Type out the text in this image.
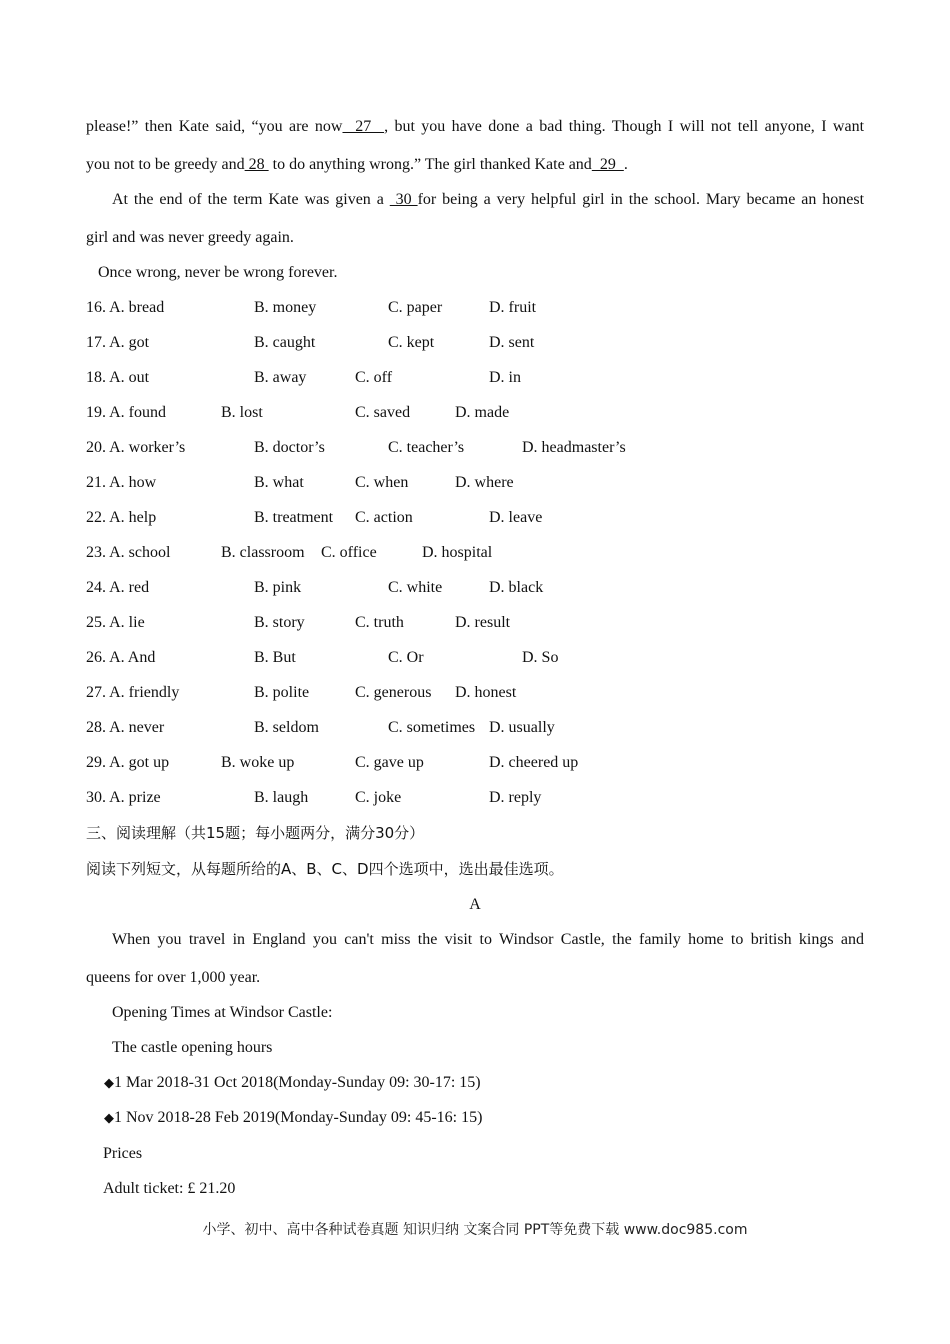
please!” then Kate said, “you are now  27  , but you have done a bad thing. Though I will not tell anyone, I want
you not to be greedy and 28  to do anything wrong.” The girl thanked Kate and  29  .
At the end of the term Kate was given a  30 for being a very helpful girl in the school. Mary became an honest
girl and was never greedy again.
Once wrong, never be wrong forever.
16. A. bread	B. money	C. paper	D. fruit
17. A. got	B. caught	C. kept	D. sent
18. A. out	B. away	C. off	D. in
19. A. found	B. lost	C. saved	D. made
20. A. worker’s	B. doctor’s	C. teacher’s	D. headmaster’s
21. A. how	B. what	C. when	D. where
22. A. help	B. treatment C. action	D. leave
23. A. school	B. classroom C. office	D. hospital
24. A. red	B. pink	C. white	D. black
25. A. lie	B. story	C. truth	D. result
26. A. And	B. But	C. Or	D. So
27. A. friendly	B. polite	C. generous D. honest
28. A. never	B. seldom	C. sometimes D. usually
29. A. got up	B. woke up	C. gave up	D. cheered up
30. A. prize	B. laugh	C. joke	D. reply
三、阅读理解（共15题；每小题两分，满分30分）
阅读下列短文，从每题所给的A、B、C、D四个选项中，选出最佳选项。
A
When you travel in England you can't miss the visit to Windsor Castle, the family home to british kings and
queens for over 1,000 year.
Opening Times at Windsor Castle:
The castle opening hours
◆1 Mar 2018-31 Oct 2018(Monday-Sunday 09: 30-17: 15)
◆1 Nov 2018-28 Feb 2019(Monday-Sunday 09: 45-16: 15)
Prices
Adult ticket: £ 21.20
小学、初中、高中各种试卷真题 知识归纳 文案合同 PPT等免费下载 www.doc985.com
